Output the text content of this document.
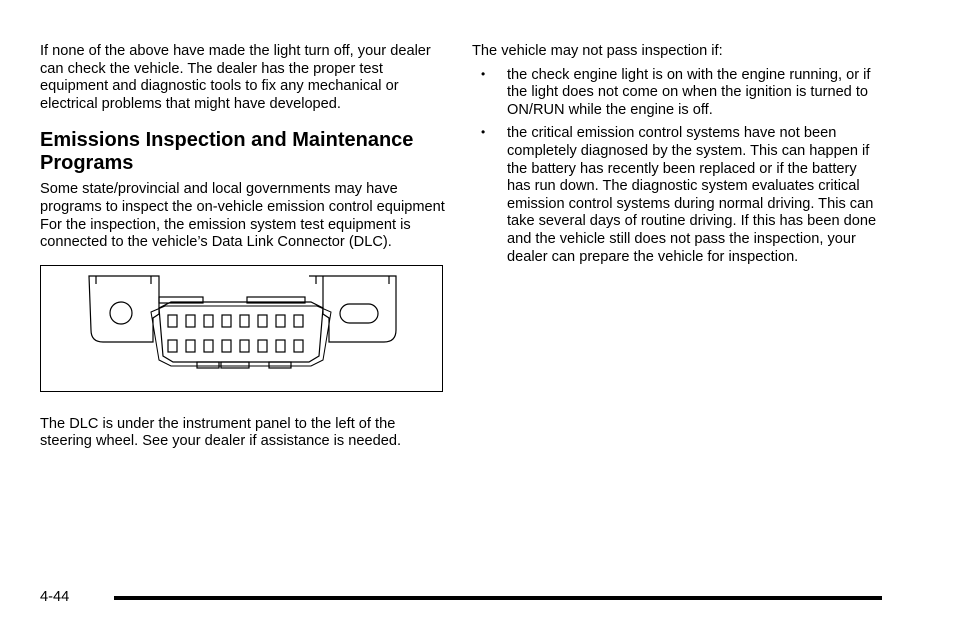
If none of the above have made the light turn off, your dealer can check the vehicle. The dealer has the proper test equipment and diagnostic tools to fix any mechanical or electrical problems that might have developed.

Emissions Inspection and Maintenance Programs

Some state/provincial and local governments may have programs to inspect the on-vehicle emission control equipment For the inspection, the emission system test equipment is connected to the vehicle’s Data Link Connector (DLC).

The DLC is under the instrument panel to the left of the steering wheel. See your dealer if assistance is needed.

The vehicle may not pass inspection if:

• the check engine light is on with the engine running, or if the light does not come on when the ignition is turned to ON/RUN while the engine is off.
• the critical emission control systems have not been completely diagnosed by the system. This can happen if the battery has recently been replaced or if the battery has run down. The diagnostic system evaluates critical emission control systems during normal driving. This can take several days of routine driving. If this has been done and the vehicle still does not pass the inspection, your dealer can prepare the vehicle for inspection.
4-44
